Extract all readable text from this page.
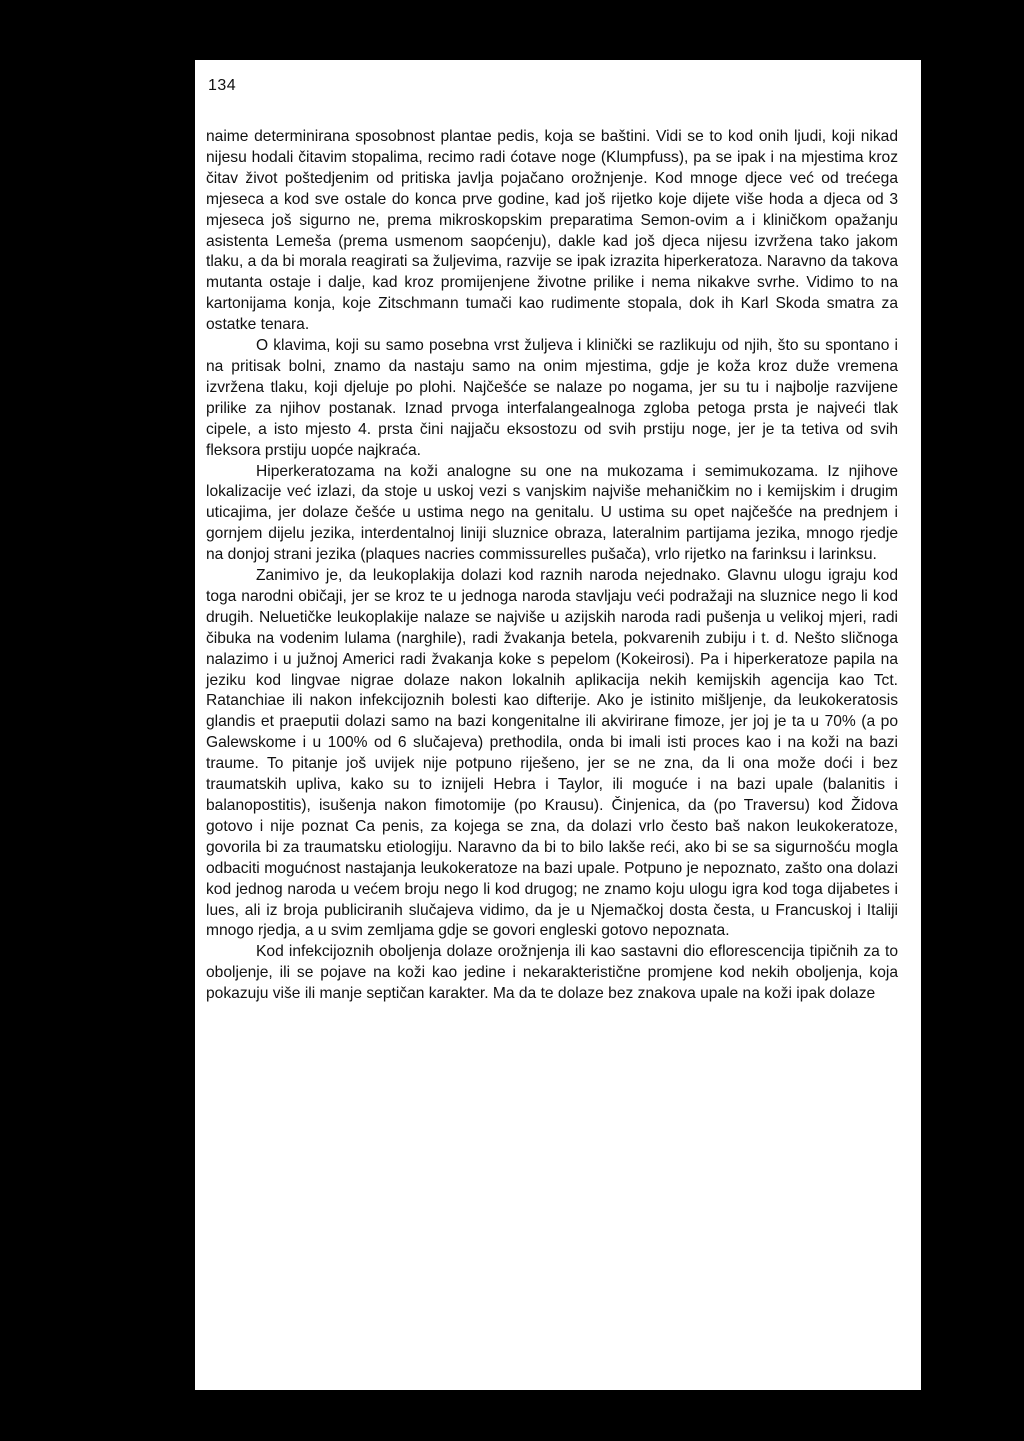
134

naime determinirana sposobnost plantae pedis, koja se baštini. Vidi se to kod onih ljudi, koji nikad nijesu hodali čitavim stopalima, recimo radi ćotave noge (Klumpfuss), pa se ipak i na mjestima kroz čitav život poštedjenim od pritiska javlja pojačano orožnjenje. Kod mnoge djece već od trećega mjeseca a kod sve ostale do konca prve godine, kad još rijetko koje dijete više hoda a djeca od 3 mjeseca još sigurno ne, prema mikroskopskim preparatima Semon-ovim a i kliničkom opažanju asistenta Lemeša (prema usmenom saopćenju), dakle kad još djeca nijesu izvržena tako jakom tlaku, a da bi morala reagirati sa žuljevima, razvije se ipak izrazita hiperkeratoza. Naravno da takova mutanta ostaje i dalje, kad kroz promijenjene životne prilike i nema nikakve svrhe. Vidimo to na kartonijama konja, koje Zitschmann tumači kao rudimente stopala, dok ih Karl Skoda smatra za ostatke tenara.

O klavima, koji su samo posebna vrst žuljeva i klinički se razlikuju od njih, što su spontano i na pritisak bolni, znamo da nastaju samo na onim mjestima, gdje je koža kroz duže vremena izvržena tlaku, koji djeluje po plohi. Najčešće se nalaze po nogama, jer su tu i najbolje razvijene prilike za njihov postanak. Iznad prvoga interfalangealnoga zgloba petoga prsta je najveći tlak cipele, a isto mjesto 4. prsta čini najjaču eksostozu od svih prstiju noge, jer je ta tetiva od svih fleksora prstiju uopće najkraća.

Hiperkeratozama na koži analogne su one na mukozama i semimukozama. Iz njihove lokalizacije već izlazi, da stoje u uskoj vezi s vanjskim najviše mehaničkim no i kemijskim i drugim uticajima, jer dolaze češće u ustima nego na genitalu. U ustima su opet najčešće na prednjem i gornjem dijelu jezika, interdentalnoj liniji sluznice obraza, lateralnim partijama jezika, mnogo rjedje na donjoj strani jezika (plaques nacries commissurelles pušača), vrlo rijetko na farinksu i larinksu.

Zanimivo je, da leukoplakija dolazi kod raznih naroda nejednako. Glavnu ulogu igraju kod toga narodni običaji, jer se kroz te u jednoga naroda stavljaju veći podražaji na sluznice nego li kod drugih. Neluetičke leukoplakije nalaze se najviše u azijskih naroda radi pušenja u velikoj mjeri, radi čibuka na vodenim lulama (narghile), radi žvakanja betela, pokvarenih zubiju i t. d. Nešto sličnoga nalazimo i u južnoj Americi radi žvakanja koke s pepelom (Kokeirosi). Pa i hiperkeratoze papila na jeziku kod lingvae nigrae dolaze nakon lokalnih aplikacija nekih kemijskih agencija kao Tct. Ratanchiae ili nakon infekcijoznih bolesti kao difterije. Ako je istinito mišljenje, da leukokeratosis glandis et praeputii dolazi samo na bazi kongenitalne ili akvirirane fimoze, jer joj je ta u 70% (a po Galewskome i u 100% od 6 slučajeva) prethodila, onda bi imali isti proces kao i na koži na bazi traume. To pitanje još uvijek nije potpuno riješeno, jer se ne zna, da li ona može doći i bez traumatskih upliva, kako su to iznijeli Hebra i Taylor, ili moguće i na bazi upale (balanitis i balanopostitis), isušenja nakon fimotomije (po Krausu). Činjenica, da (po Traversu) kod Židova gotovo i nije poznat Ca penis, za kojega se zna, da dolazi vrlo često baš nakon leukokeratoze, govorila bi za traumatsku etiologiju. Naravno da bi to bilo lakše reći, ako bi se sa sigurnošću mogla odbaciti mogućnost nastajanja leukokeratoze na bazi upale. Potpuno je nepoznato, zašto ona dolazi kod jednog naroda u većem broju nego li kod drugog; ne znamo koju ulogu igra kod toga dijabetes i lues, ali iz broja publiciranih slučajeva vidimo, da je u Njemačkoj dosta česta, u Francuskoj i Italiji mnogo rjedja, a u svim zemljama gdje se govori engleski gotovo nepoznata.

Kod infekcijoznih oboljenja dolaze orožnjenja ili kao sastavni dio eflorescencija tipičnih za to oboljenje, ili se pojave na koži kao jedine i nekarakteristične promjene kod nekih oboljenja, koja pokazuju više ili manje septičan karakter. Ma da te dolaze bez znakova upale na koži ipak dolaze
